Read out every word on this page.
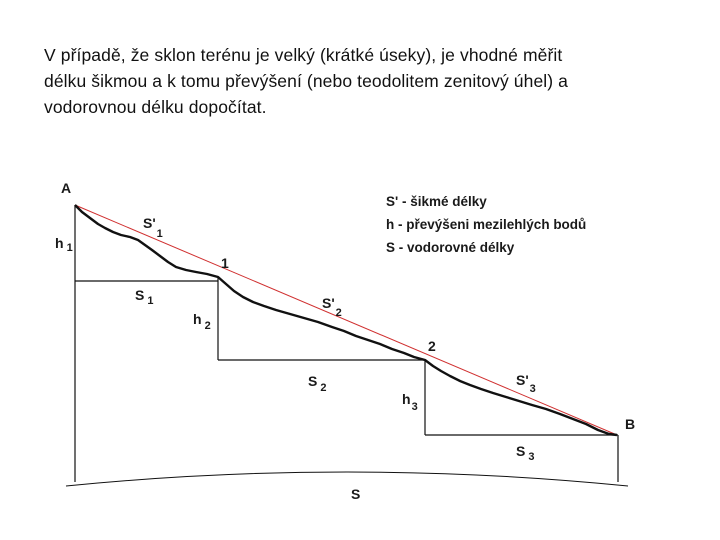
V případě, že sklon terénu je velký (krátké úseky), je vhodné měřit
délku šikmou a k tomu převýšení (nebo teodolitem zenitový úhel) a
vodorovnou délku dopočítat.
A
1
2
B
h $_1$
h $_2$
$h_3$
$S'_1$
$S'_2$
$S'_3$
S $_1$
S $_2$
S $_3$
S
S' - šikmé délky
h - převýšeni mezilehlých bodů
S - vodorovné délky
